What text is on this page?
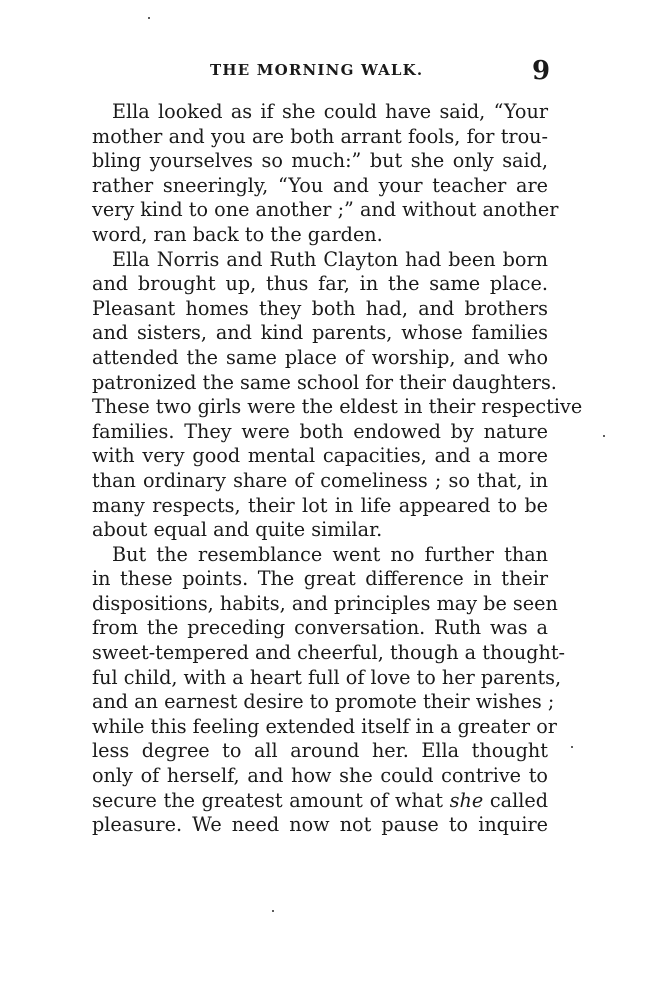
THE MORNING WALK.	9
Ella looked as if she could have said, “Your
mother and you are both arrant fools, for trou-
bling yourselves so much:” but she only said,
rather sneeringly, “You and your teacher are
very kind to one another ;” and without another
word, ran back to the garden.
Ella Norris and Ruth Clayton had been born
and brought up, thus far, in the same place.
Pleasant homes they both had, and brothers
and sisters, and kind parents, whose families
attended the same place of worship, and who
patronized the same school for their daughters.
These two girls were the eldest in their respective
families. They were both endowed by nature
with very good mental capacities, and a more
than ordinary share of comeliness ; so that, in
many respects, their lot in life appeared to be
about equal and quite similar.
But the resemblance went no further than
in these points. The great difference in their
dispositions, habits, and principles may be seen
from the preceding conversation. Ruth was a
sweet-tempered and cheerful, though a thought-
ful child, with a heart full of love to her parents,
and an earnest desire to promote their wishes ;
while this feeling extended itself in a greater or
less degree to all around her. Ella thought
only of herself, and how she could contrive to
secure the greatest amount of what she called
pleasure. We need now not pause to inquire
